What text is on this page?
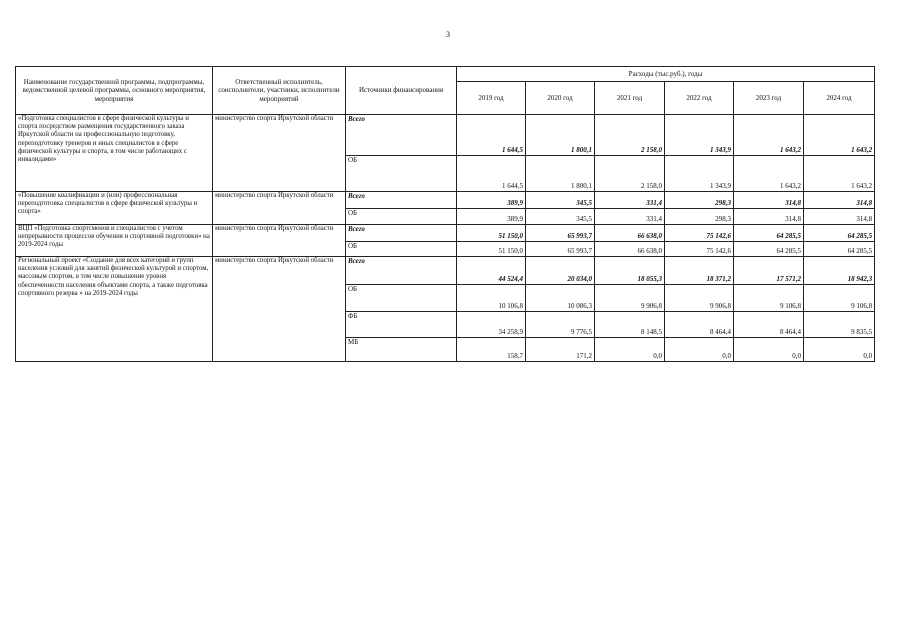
3
Наименование государственной программы, подпрограммы, ведомственной целевой программы, основного мероприятия, мероприятия	Ответственный исполнитель, соисполнители, участники, исполнители мероприятий	Источники финансирования	Расходы (тыс.руб.), годы					
			2019 год	2020 год	2021 год	2022 год	2023 год	2024 год
«Подготовка специалистов в сфере физической культуры и спорта посредством размещения государственного заказа Иркутской области на профессиональную подготовку, переподготовку тренеров и иных специалистов в сфере физической культуры и спорта, в том числе работающих с инвалидами»	министерство спорта Иркутской области	Всего	1 644,5	1 800,1	2 158,0	1 343,9	1 643,2	1 643,2
		ОБ	1 644,5	1 800,1	2 158,0	1 343,9	1 643,2	1 643,2
«Повышение квалификации и (или) профессиональная переподготовка специалистов в сфере физической культуры и спорта»	министерство спорта Иркутской области	Всего	389,9	345,5	331,4	298,3	314,8	314,8
		ОБ	389,9	345,5	331,4	298,3	314,8	314,8
ВЦП «Подготовка спортсменов и специалистов с учетом непрерывности процессов обучения и спортивной подготовки» на 2019-2024 годы	министерство спорта Иркутской области	Всего	51 150,0	65 993,7	66 638,0	75 142,6	64 285,5	64 285,5
		ОБ	51 150,0	65 993,7	66 638,0	75 142,6	64 285,5	64 285,5
Региональный проект «Создание для всех категорий и групп населения условий для занятий физической культурой и спортом, массовым спортом, в том числе повышение уровня обеспеченности населения объектами спорта, а также подготовка спортивного резерва » на 2019-2024 годы	министерство спорта Иркутской области	Всего	44 524,4	20 034,0	18 055,3	18 371,2	17 571,2	18 942,3
		ОБ	10 106,8	10 086,3	9 906,8	9 906,8	9 106,8	9 106,8
		ФБ	34 258,9	9 776,5	8 148,5	8 464,4	8 464,4	9 835,5
		МБ	158,7	171,2	0,0	0,0	0,0	0,0
